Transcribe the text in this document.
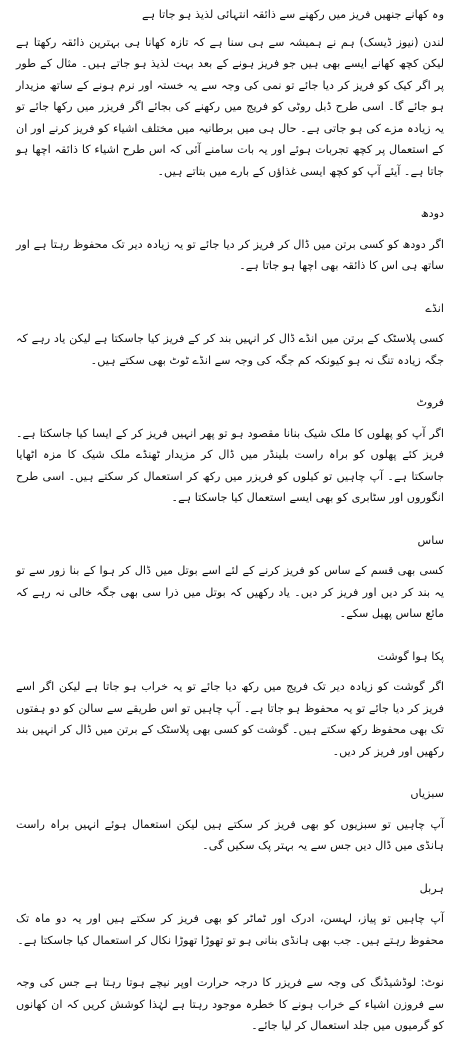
وہ کھانے جنھیں فریز میں رکھنے سے ذائقہ انتہائی لذیذ ہو جاتا ہے
لندن (نیوز ڈیسک) ہم نے ہمیشہ سے ہی سنا ہے کہ تازہ کھانا ہی بہترین ذائقہ رکھتا ہے لیکن کچھ کھانے ایسے بھی ہیں جو فریز ہونے کے بعد بہت لذیذ ہو جاتے ہیں۔ مثال کے طور پر اگر کیک کو فریز کر دیا جائے تو نمی کی وجہ سے یہ خستہ اور نرم ہونے کے ساتھ مزیدار ہو جائے گا۔ اسی طرح ڈبل روٹی کو فریج میں رکھنے کی بجائے اگر فریزر میں رکھا جائے تو یہ زیادہ مزے کی ہو جاتی ہے۔ حال ہی میں برطانیہ میں مختلف اشیاء کو فریز کرنے اور ان کے استعمال پر کچھ تجربات ہوئے اور یہ بات سامنے آئی کہ اس طرح اشیاء کا ذائقہ اچھا ہو جاتا ہے۔ آیئے آپ کو کچھ ایسی غذاؤں کے بارے میں بتاتے ہیں۔
دودھ
اگر دودھ کو کسی برتن میں ڈال کر فریز کر دیا جائے تو یہ زیادہ دیر تک محفوظ رہتا ہے اور ساتھ ہی اس کا ذائقہ بھی اچھا ہو جاتا ہے۔
انڈے
کسی پلاسٹک کے برتن میں انڈے ڈال کر انہیں بند کر کے فریز کیا جاسکتا ہے لیکن یاد رہے کہ جگہ زیادہ تنگ نہ ہو کیونکہ کم جگہ کی وجہ سے انڈے ٹوٹ بھی سکتے ہیں۔
فروٹ
اگر آپ کو پھلوں کا ملک شیک بنانا مقصود ہو تو پھر انہیں فریز کر کے ایسا کیا جاسکتا ہے۔ فریز کئے پھلوں کو براہ راست بلینڈر میں ڈال کر مزیدار ٹھنڈے ملک شیک کا مزہ اٹھایا جاسکتا ہے۔ آپ چاہیں تو کیلوں کو فریزر میں رکھ کر استعمال کر سکتے ہیں۔ اسی طرح انگوروں اور سٹابری کو بھی ایسے استعمال کیا جاسکتا ہے۔
ساس
کسی بھی قسم کے ساس کو فریز کرنے کے لئے اسے بوتل میں ڈال کر ہوا کے بنا زور سے تو یہ بند کر دیں اور فریز کر دیں۔ یاد رکھیں کہ بوتل میں ذرا سی بھی جگہ خالی نہ رہے کہ مائع ساس پھیل سکے۔
پکا ہوا گوشت
اگر گوشت کو زیادہ دیر تک فریج میں رکھ دیا جائے تو یہ خراب ہو جاتا ہے لیکن اگر اسے فریز کر دیا جائے تو یہ محفوظ ہو جاتا ہے۔ آپ چاہیں تو اس طریقے سے سالن کو دو ہفتوں تک بھی محفوظ رکھ سکتے ہیں۔ گوشت کو کسی بھی پلاسٹک کے برتن میں ڈال کر انہیں بند رکھیں اور فریز کر دیں۔
سبزیاں
آپ چاہیں تو سبزیوں کو بھی فریز کر سکتے ہیں لیکن استعمال ہوئے انہیں براہ راست ہانڈی میں ڈال دیں جس سے یہ بہتر پک سکیں گی۔
ہربل
آپ چاہیں تو پیاز، لہسن، ادرک اور ٹماٹر کو بھی فریز کر سکتے ہیں اور یہ دو ماہ تک محفوظ رہتے ہیں۔ جب بھی ہانڈی بنانی ہو تو تھوڑا تھوڑا نکال کر استعمال کیا جاسکتا ہے۔
نوٹ: لوڈشیڈنگ کی وجہ سے فریزر کا درجہ حرارت اوپر نیچے ہوتا رہتا ہے جس کی وجہ سے فروزن اشیاء کے خراب ہونے کا خطرہ موجود رہتا ہے لہٰذا کوشش کریں کہ ان کھانوں کو گرمیوں میں جلد استعمال کر لیا جائے۔
